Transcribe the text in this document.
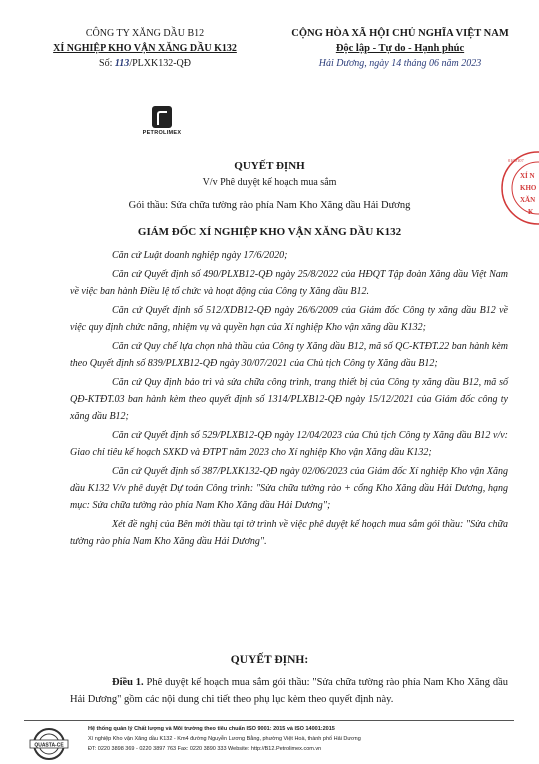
CÔNG TY XĂNG DẦU B12
XÍ NGHIỆP KHO VẬN XĂNG DẦU K132
Số: 113/PLXK132-QĐ
PETROLIMEX
CỘNG HÒA XÃ HỘI CHỦ NGHĨA VIỆT NAM
Độc lập - Tự do - Hạnh phúc
Hải Dương, ngày 14 tháng 06 năm 2023
XÍ N
KHO
XĂN
K
0100107
QUYẾT ĐỊNH
V/v Phê duyệt kế hoạch mua sắm
Gói thầu: Sửa chữa tường rào phía Nam Kho Xăng dầu Hải Dương
GIÁM ĐỐC XÍ NGHIỆP KHO VẬN XĂNG DẦU K132

Căn cứ Luật doanh nghiệp ngày 17/6/2020;

Căn cứ Quyết định số 490/PLXB12-QĐ ngày 25/8/2022 của HĐQT Tập đoàn Xăng dầu Việt Nam về việc ban hành Điều lệ tổ chức và hoạt động của Công ty Xăng dầu B12.

Căn cứ Quyết định số 512/XDB12-QĐ ngày 26/6/2009 của Giám đốc Công ty xăng dầu B12 về việc quy định chức năng, nhiệm vụ và quyền hạn của Xí nghiệp Kho vận xăng dầu K132;

Căn cứ Quy chế lựa chọn nhà thầu của Công ty Xăng dầu B12, mã số QC-KTĐT.22 ban hành kèm theo Quyết định số 839/PLXB12-QĐ ngày 30/07/2021 của Chủ tịch Công ty Xăng dầu B12;

Căn cứ Quy định bảo trì và sửa chữa công trình, trang thiết bị của Công ty xăng dầu B12, mã số QĐ-KTĐT.03 ban hành kèm theo quyết định số 1314/PLXB12-QĐ ngày 15/12/2021 của Giám đốc công ty xăng dầu B12;

Căn cứ Quyết định số 529/PLXB12-QĐ ngày 12/04/2023 của Chủ tịch Công ty Xăng dầu B12 v/v: Giao chỉ tiêu kế hoạch SXKD và ĐTPT năm 2023 cho Xí nghiệp Kho vận Xăng dầu K132;

Căn cứ Quyết định số 387/PLXK132-QĐ ngày 02/06/2023 của Giám đốc Xí nghiệp Kho vận Xăng dầu K132 V/v phê duyệt Dự toán Công trình: "Sửa chữa tường rào + cổng Kho Xăng dầu Hải Dương, hạng mục: Sửa chữa tường rào phía Nam Kho Xăng dầu Hải Dương";

Xét đề nghị của Bên mời thầu tại tờ trình về việc phê duyệt kế hoạch mua sắm gói thầu: "Sửa chữa tường rào phía Nam Kho Xăng dầu Hải Dương".

QUYẾT ĐỊNH:
Điều 1. Phê duyệt kế hoạch mua sắm gói thầu: "Sửa chữa tường rào phía Nam Kho Xăng dầu Hải Dương" gồm các nội dung chi tiết theo phụ lục kèm theo quyết định này.
QUASTA-CE
Hệ thống quản lý Chất lượng và Môi trường theo tiêu chuẩn ISO 9001: 2015 và ISO 14001:2015
Xí nghiệp Kho vận Xăng dầu K132 - Km4 đường Nguyễn Lương Bằng, phường Việt Hoà, thành phố Hải Dương
ĐT: 0220 3898 369 - 0220 3897 763 Fax: 0220 3890 333 Website: http://B12.Petrolimex.com.vn
